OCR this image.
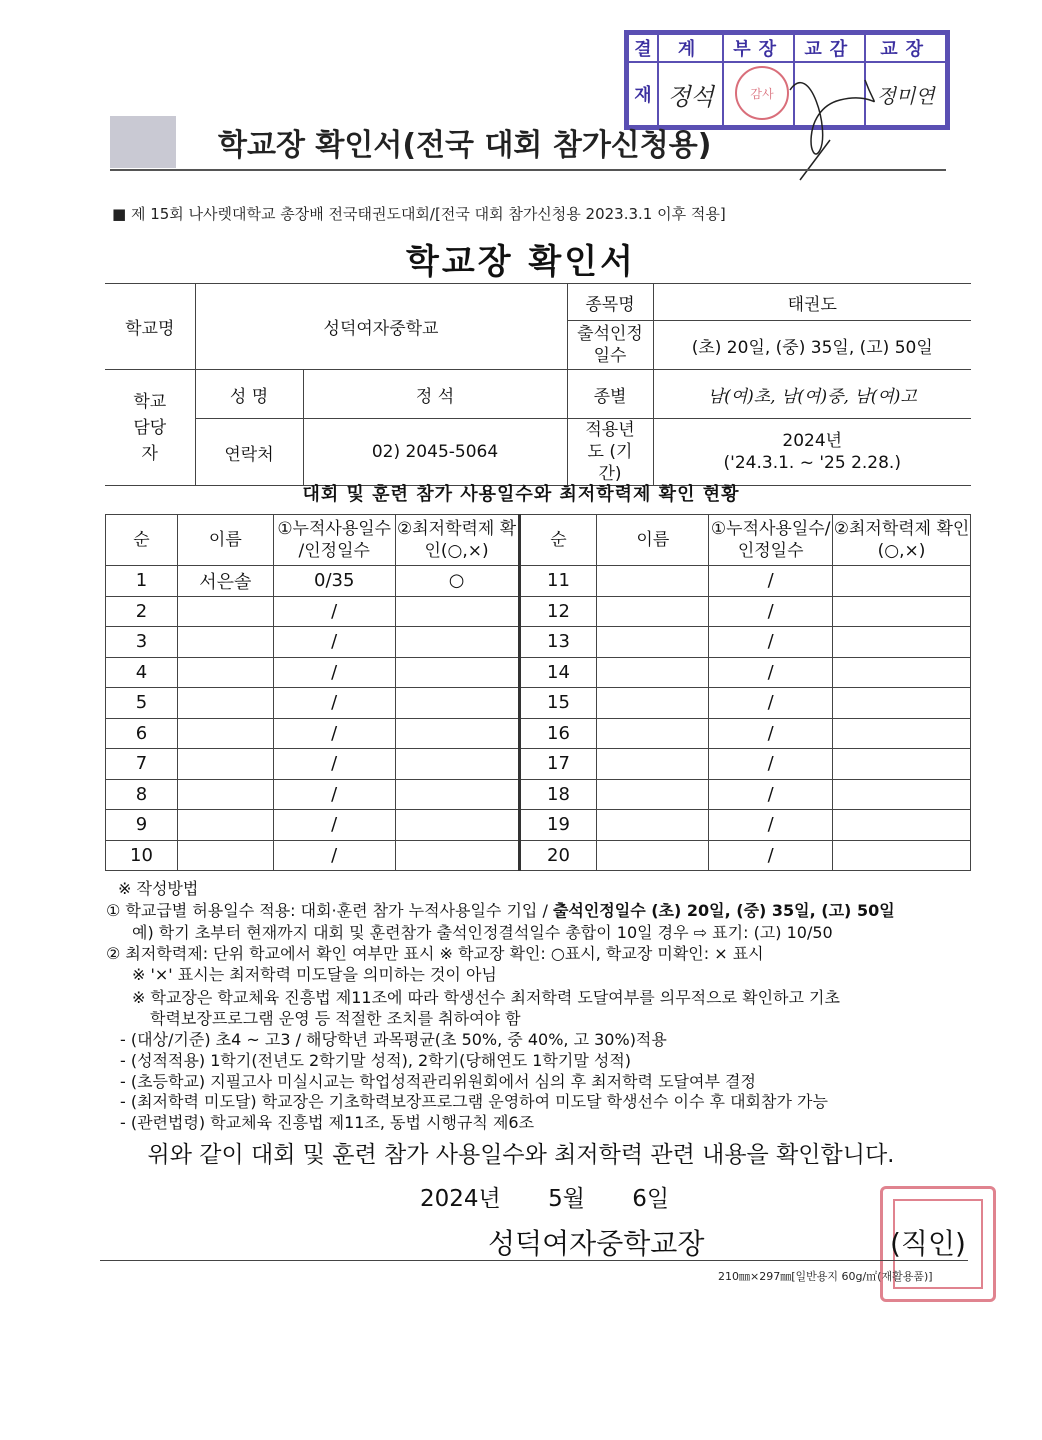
결	계	부장	교감	교장
재	정석			정미연
감사
학교장 확인서(전국 대회 참가신청용)
■ 제 15회 나사렛대학교 총장배 전국태권도대회/[전국 대회 참가신청용 2023.3.1 이후 적용]
학교장 확인서
학교명	성덕여자중학교		종목명	태권도
			출석인정 일수	(초) 20일, (중) 35일, (고) 50일
학교 담당자	성 명	정 석	종별	남(여)초, 남(여)중, 남(여)고
	연락처	02) 2045-5064	적용년도 (기간)	2024년
('24.3.1. ~ '25 2.28.)
대회 및 훈련 참가 사용일수와 최저학력제 확인 현황
순	이름	①누적사용일수 /인정일수	②최저학력제 확인(○,×)	순	이름	①누적사용일수/ 인정일수	②최저학력제 확인(○,×)
1	서은솔	0/35	○	11		/	
2		/		12		/	
3		/		13		/	
4		/		14		/	
5		/		15		/	
6		/		16		/	
7		/		17		/	
8		/		18		/	
9		/		19		/	
10		/		20		/	
※ 작성방법
① 학교급별 허용일수 적용: 대회·훈련 참가 누적사용일수 기입 / 출석인정일수 (초) 20일, (중) 35일, (고) 50일
예) 학기 초부터 현재까지 대회 및 훈련참가 출석인정결석일수 총합이 10일 경우 ⇨ 표기: (고) 10/50
② 최저학력제: 단위 학교에서 확인 여부만 표시 ※ 학교장 확인: ○표시, 학교장 미확인: × 표시
※ '×' 표시는 최저학력 미도달을 의미하는 것이 아님
※ 학교장은 학교체육 진흥법 제11조에 따라 학생선수 최저학력 도달여부를 의무적으로 확인하고 기초
학력보장프로그램 운영 등 적절한 조치를 취하여야 함
- (대상/기준) 초4 ~ 고3 / 해당학년 과목평균(초 50%, 중 40%, 고 30%)적용
- (성적적용) 1학기(전년도 2학기말 성적), 2학기(당해연도 1학기말 성적)
- (초등학교) 지필고사 미실시교는 학업성적관리위원회에서 심의 후 최저학력 도달여부 결정
- (최저학력 미도달) 학교장은 기초학력보장프로그램 운영하여 미도달 학생선수 이수 후 대회참가 가능
- (관련법령) 학교체육 진흥법 제11조, 동법 시행규칙 제6조
위와 같이 대회 및 훈련 참가 사용일수와 최저학력 관련 내용을 확인합니다.
2024년 5월 6일
성덕여자중학교장	(직인)
210㎜×297㎜[일반용지 60g/㎡(재활용품)]
